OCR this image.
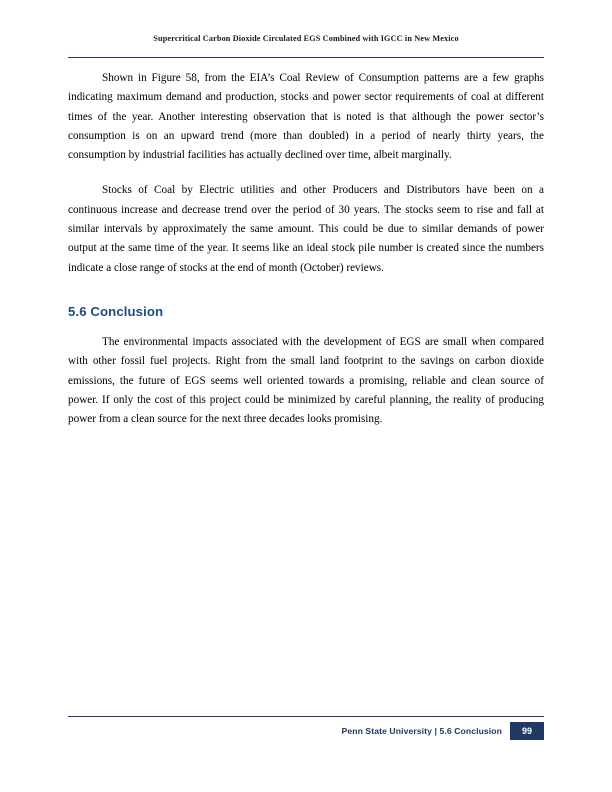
Supercritical Carbon Dioxide Circulated EGS Combined with IGCC in New Mexico

Shown in Figure 58, from the EIA’s Coal Review of Consumption patterns are a few graphs indicating maximum demand and production, stocks and power sector requirements of coal at different times of the year. Another interesting observation that is noted is that although the power sector’s consumption is on an upward trend (more than doubled) in a period of nearly thirty years, the consumption by industrial facilities has actually declined over time, albeit marginally.

Stocks of Coal by Electric utilities and other Producers and Distributors have been on a continuous increase and decrease trend over the period of 30 years. The stocks seem to rise and fall at similar intervals by approximately the same amount. This could be due to similar demands of power output at the same time of the year. It seems like an ideal stock pile number is created since the numbers indicate a close range of stocks at the end of month (October) reviews.

5.6 Conclusion

The environmental impacts associated with the development of EGS are small when compared with other fossil fuel projects. Right from the small land footprint to the savings on carbon dioxide emissions, the future of EGS seems well oriented towards a promising, reliable and clean source of power. If only the cost of this project could be minimized by careful planning, the reality of producing power from a clean source for the next three decades looks promising.

Penn State University | 5.6 Conclusion	99
